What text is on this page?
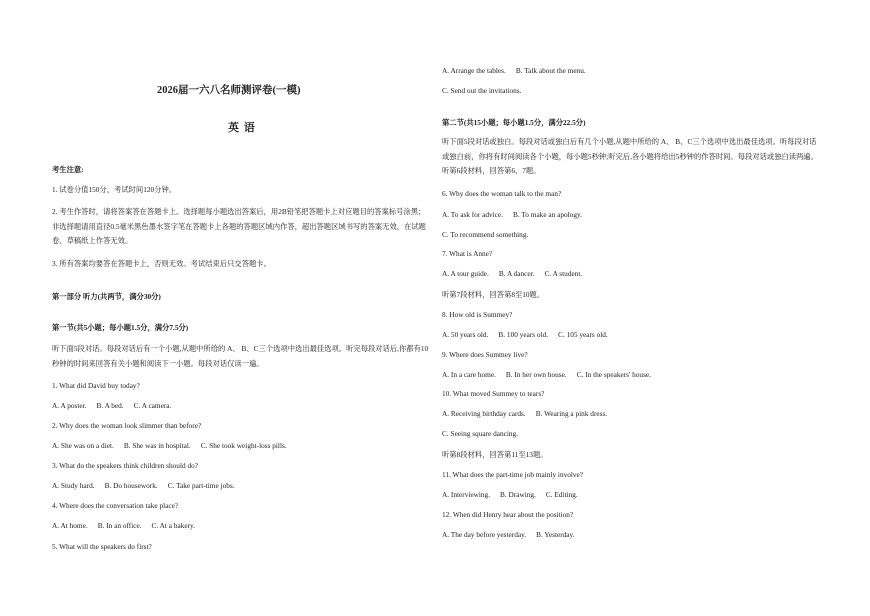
2026届一六八名师测评卷(一模)
英 语
考生注意:
1. 试卷分值150分，考试时间120分钟。
2. 考生作答时，请将答案答在答题卡上。选择题每小题选出答案后，用2B铅笔把答题卡上对应题目的答案标号涂黑；非选择题请用直径0.5毫米黑色墨水签字笔在答题卡上各题的答题区域内作答，超出答题区域书写的答案无效，在试题卷、草稿纸上作答无效。
3. 所有答案均要答在答题卡上，否则无效。考试结束后只交答题卡。
第一部分 听力(共两节，满分30分)
第一节(共5小题；每小题1.5分，满分7.5分)
听下面5段对话。每段对话后有一个小题,从题中所给的 A、 B、C三个选项中选出最佳选项。听完每段对话后,你都有10秒钟的时间来回答有关小题和阅读下一小题。每段对话仅读一遍。
1. What did David buy today?
A. A poster. B. A bed. C. A camera.
2. Why does the woman look slimmer than before?
A. She was on a diet. B. She was in hospital. C. She took weight-loss pills.
3. What do the speakers think children should do?
A. Study hard. B. Do housework. C. Take part-time jobs.
4. Where does the conversation take place?
A. At home. B. In an office. C. At a bakery.
5. What will the speakers do first?
A. Arrange the tables. B. Talk about the menu.
C. Send out the invitations.
第二节(共15小题；每小题1.5分，满分22.5分)
听下面5段对话或独白。每段对话或独白后有几个小题,从题中所给的 A、 B、C三个选项中选出最佳选项。听每段对话或独白前，你将有时间阅读各个小题，每小题5秒钟;听完后,各小题将给出5秒钟的作答时间。每段对话或独白读两遍。听第6段材料，回答第6、7题。
6. Why does the woman talk to the man?
A. To ask for advice. B. To make an apology.
C. To recommend something.
7. What is Anne?
A. A tour guide. B. A dancer. C. A student.
听第7段材料，回答第8至10题。
8. How old is Summey?
A. 50 years old. B. 100 years old. C. 105 years old.
9. Where does Summey live?
A. In a care home. B. In her own house. C. In the speakers' house.
10. What moved Summey to tears?
A. Receiving birthday cards. B. Wearing a pink dress.
C. Seeing square dancing.
听第8段材料，回答第11至13题。
11. What does the part-time job mainly involve?
A. Interviewing. B. Drawing. C. Editing.
12. When did Henry hear about the position?
A. The day before yesterday. B. Yesterday.
